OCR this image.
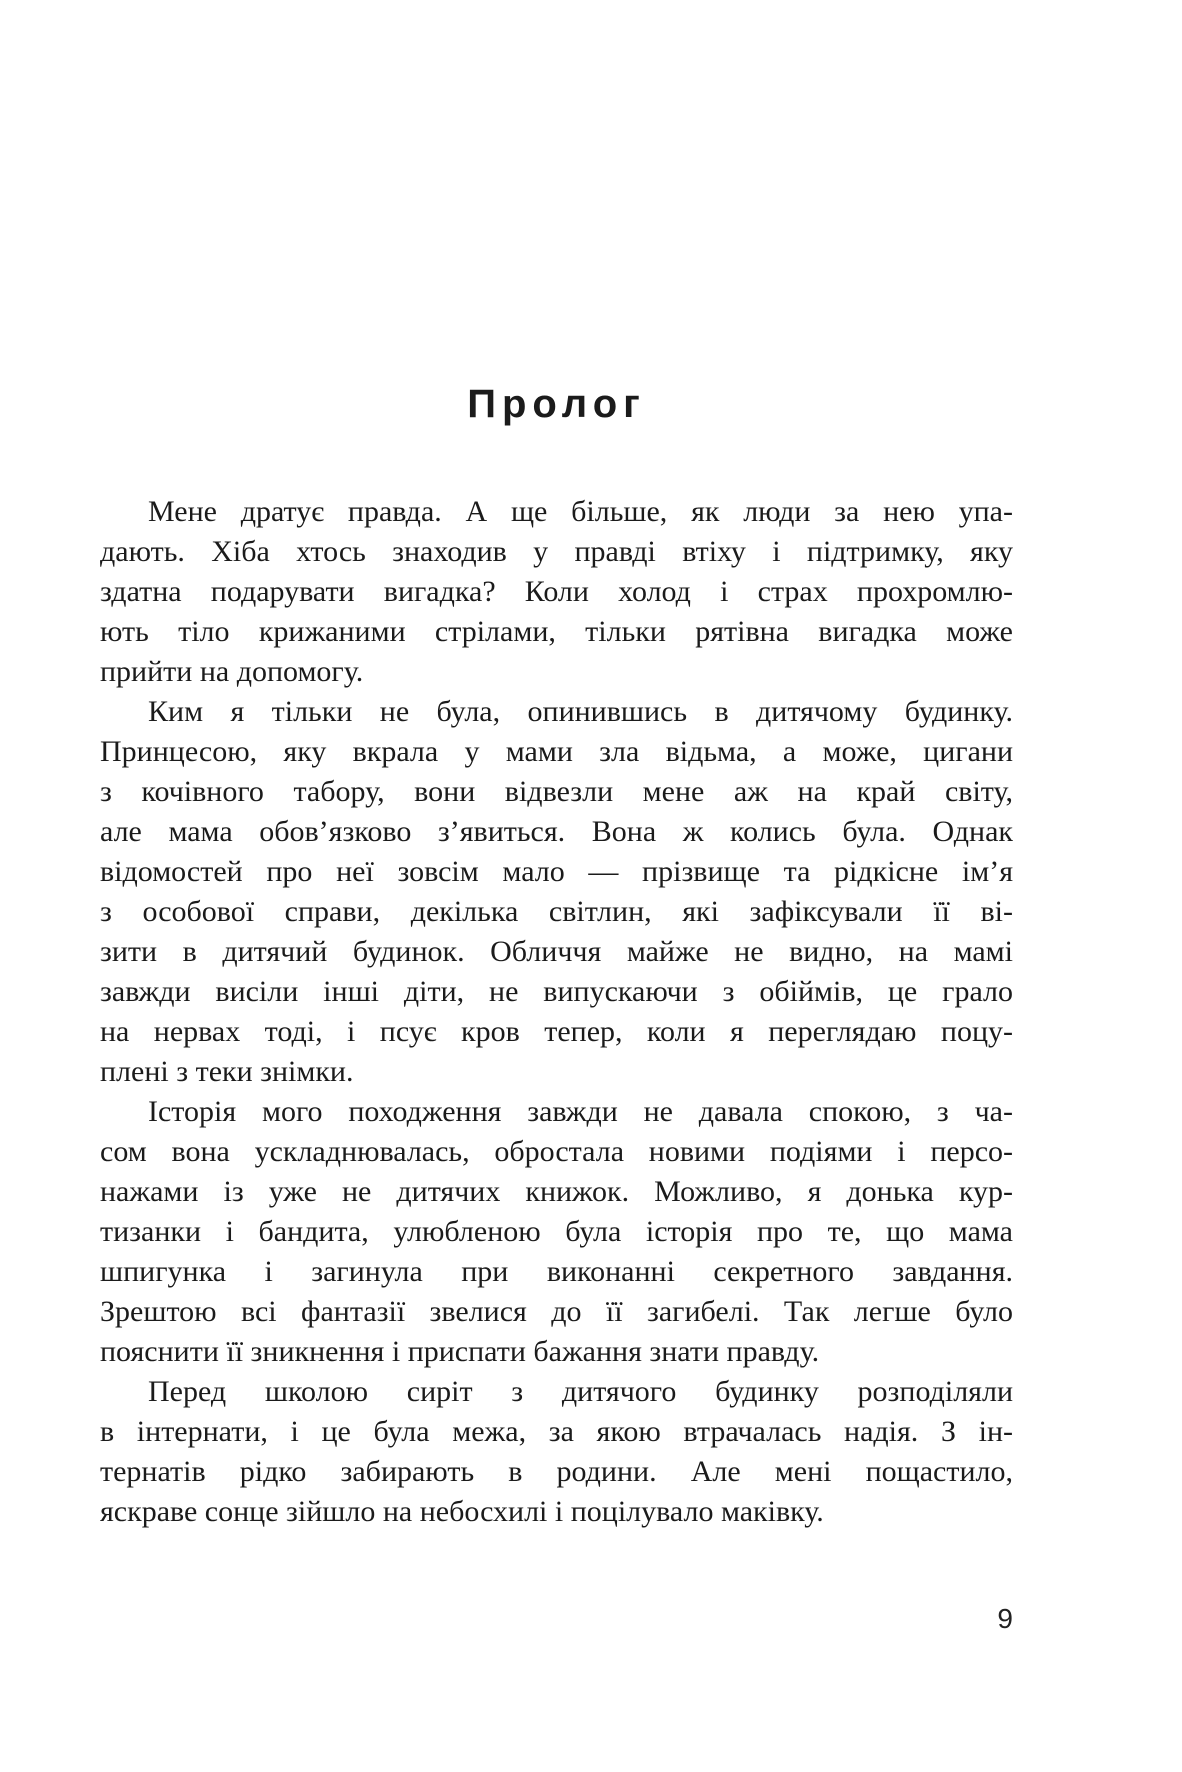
Пролог
Мене дратує правда. А ще більше, як люди за нею упа-
дають. Хіба хтось знаходив у правді втіху і підтримку, яку
здатна подарувати вигадка? Коли холод і страх прохромлю-
ють тіло крижаними стрілами, тільки рятівна вигадка може
прийти на допомогу.
Ким я тільки не була, опинившись в дитячому будинку.
Принцесою, яку вкрала у мами зла відьма, а може, цигани
з кочівного табору, вони відвезли мене аж на край світу,
але мама обов’язково з’явиться. Вона ж колись була. Однак
відомостей про неї зовсім мало — прізвище та рідкісне ім’я
з особової справи, декілька світлин, які зафіксували її ві-
зити в дитячий будинок. Обличчя майже не видно, на мамі
завжди висіли інші діти, не випускаючи з обіймів, це грало
на нервах тоді, і псує кров тепер, коли я переглядаю поцу-
плені з теки знімки.
Історія мого походження завжди не давала спокою, з ча-
сом вона ускладнювалась, обростала новими подіями і персо-
нажами із уже не дитячих книжок. Можливо, я донька кур-
тизанки і бандита, улюбленою була історія про те, що мама
шпигунка і загинула при виконанні секретного завдання.
Зрештою всі фантазії звелися до її загибелі. Так легше було
пояснити її зникнення і приспати бажання знати правду.
Перед школою сиріт з дитячого будинку розподіляли
в інтернати, і це була межа, за якою втрачалась надія. З ін-
тернатів рідко забирають в родини. Але мені пощастило,
яскраве сонце зійшло на небосхилі і поцілувало маківку.
9
